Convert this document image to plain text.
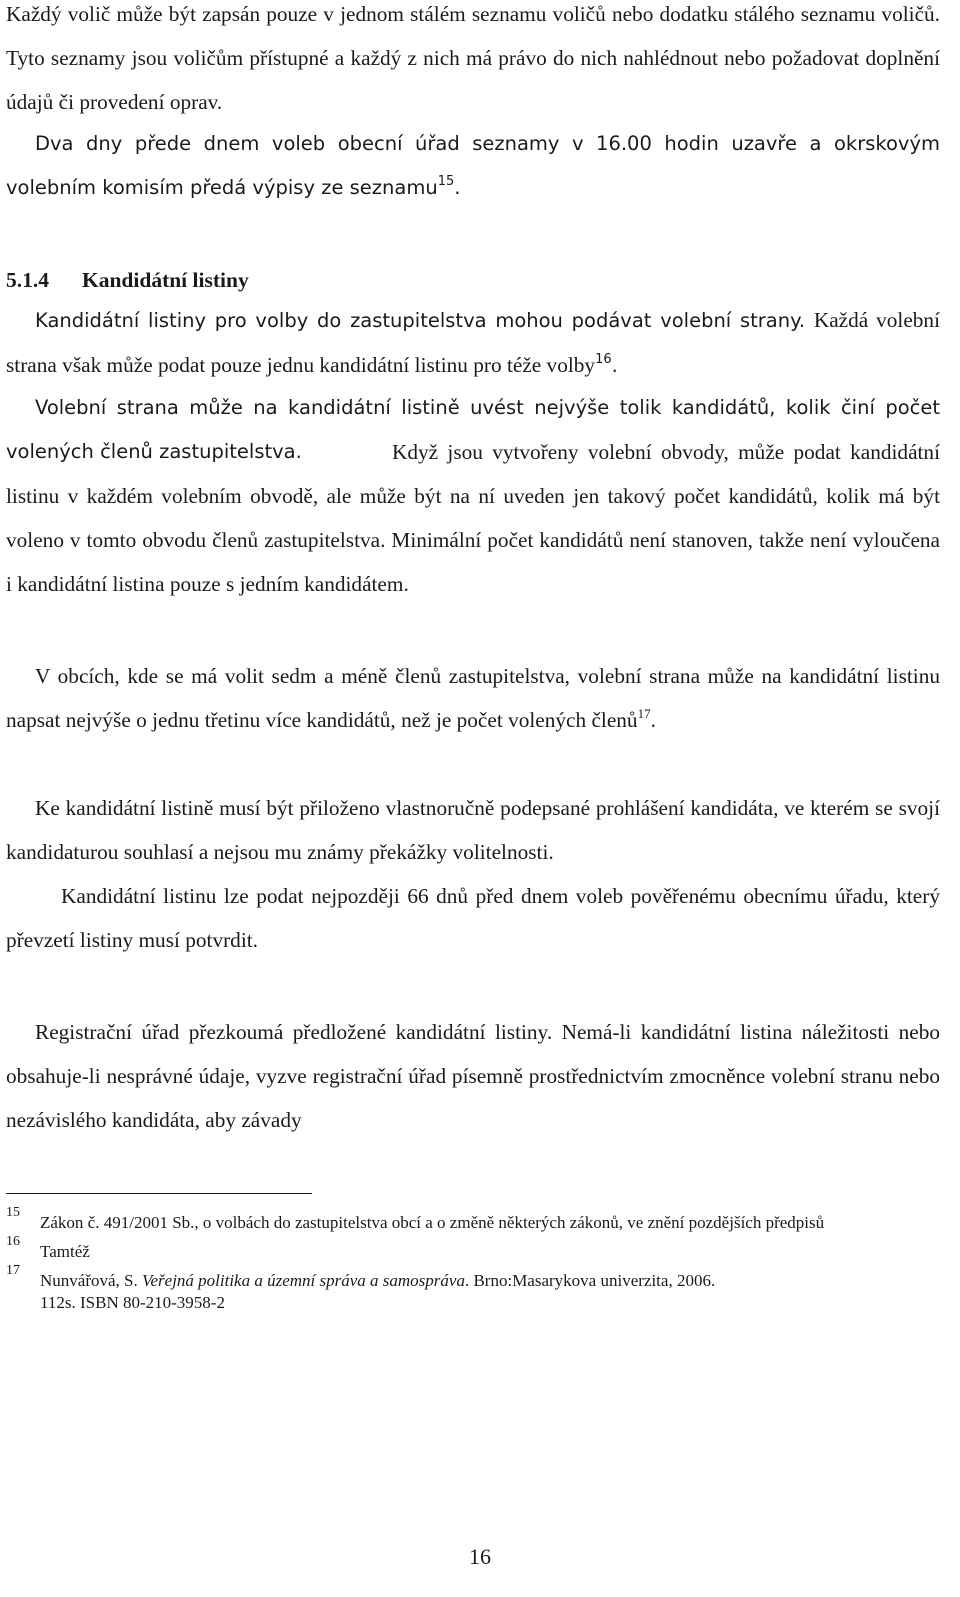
Každý volič může být zapsán pouze v jednom stálém seznamu voličů nebo dodatku stálého seznamu voličů. Tyto seznamy jsou voličům přístupné a každý z nich má právo do nich nahlédnout nebo požadovat doplnění údajů či provedení oprav.

Dva dny přede dnem voleb obecní úřad seznamy v 16.00 hodin uzavře a okrskovým volebním komisím předá výpisy ze seznamu$^{15}$.

5.1.4 Kandidátní listiny

Kandidátní listiny pro volby do zastupitelstva mohou podávat volební strany. Každá volební strana však může podat pouze jednu kandidátní listinu pro téže volby$^{16}$.

Volební strana může na kandidátní listině uvést nejvýše tolik kandidátů, kolik činí počet volených členů zastupitelstva.	Když jsou vytvořeny volební obvody, může podat kandidátní listinu v každém volebním obvodě, ale může být na ní uveden jen takový počet kandidátů, kolik má být voleno v tomto obvodu členů zastupitelstva. Minimální počet kandidátů není stanoven, takže není vyloučena i kandidátní listina pouze s jedním kandidátem.

V obcích, kde se má volit sedm a méně členů zastupitelstva, volební strana může na kandidátní listinu napsat nejvýše o jednu třetinu více kandidátů, než je počet volených členů$^{17}$.

Ke kandidátní listině musí být přiloženo vlastnoručně podepsané prohlášení kandidáta, ve kterém se svojí kandidaturou souhlasí a nejsou mu známy překážky volitelnosti.

Kandidátní listinu lze podat nejpozději 66 dnů před dnem voleb pověřenému obecnímu úřadu, který převzetí listiny musí potvrdit.

Registrační úřad přezkoumá předložené kandidátní listiny. Nemá-li kandidátní listina náležitosti nebo obsahuje-li nesprávné údaje, vyzve registrační úřad písemně prostřednictvím zmocněnce volební stranu nebo nezávislého kandidáta, aby závady

15
Zákon č. 491/2001 Sb., o volbách do zastupitelstva obcí a o změně některých zákonů, ve znění pozdějších předpisů
16
Tamtéž
17
Nunvářová, S. Veřejná politika a územní správa a samospráva. Brno:Masarykova univerzita, 2006.
112s. ISBN 80-210-3958-2
16
